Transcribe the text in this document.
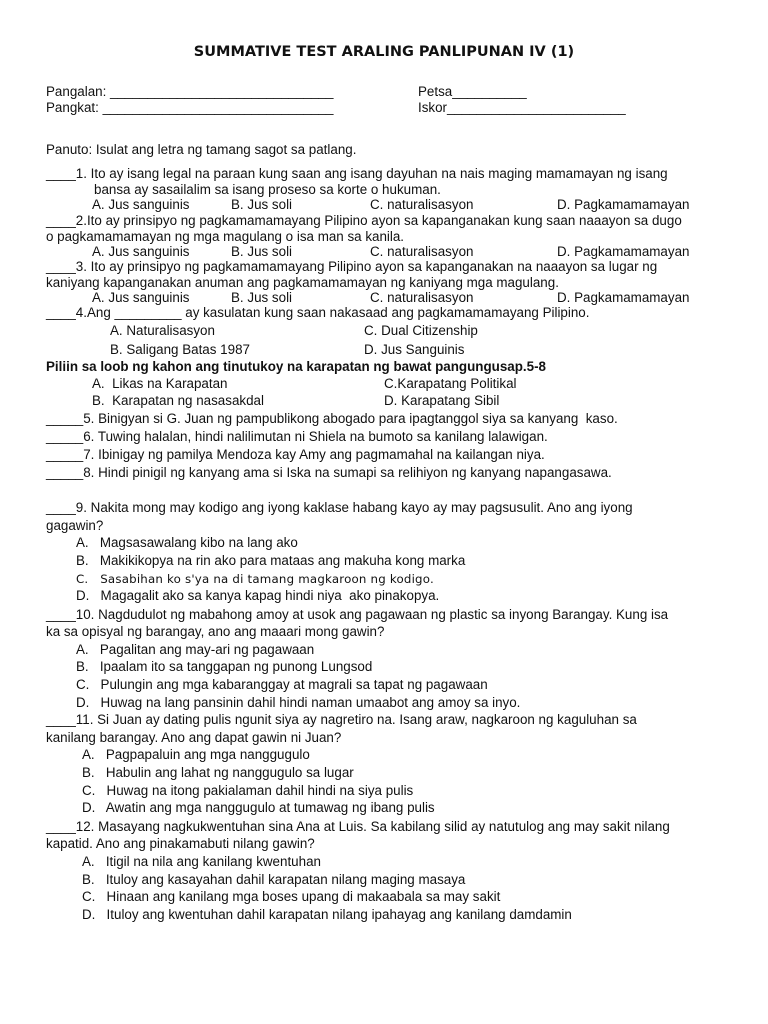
SUMMATIVE TEST ARALING PANLIPUNAN IV (1)
Pangalan: ______________________________	Petsa__________
Pangkat: _______________________________	Iskor________________________
Panuto: Isulat ang letra ng tamang sagot sa patlang.
____1. Ito ay isang legal na paraan kung saan ang isang dayuhan na nais maging mamamayan ng isang
bansa ay sasailalim sa isang proseso sa korte o hukuman.
A. Jus sanguinis	B. Jus soli	C. naturalisasyon	D. Pagkamamamayan
____2.Ito ay prinsipyo ng pagkamamamayang Pilipino ayon sa kapanganakan kung saan naaayon sa dugo
o pagkamamamayan ng mga magulang o isa man sa kanila.
A. Jus sanguinis	B. Jus soli	C. naturalisasyon	D. Pagkamamamayan
____3. Ito ay prinsipyo ng pagkamamamayang Pilipino ayon sa kapanganakan na naaayon sa lugar ng
kaniyang kapanganakan anuman ang pagkamamamayan ng kaniyang mga magulang.
A. Jus sanguinis	B. Jus soli	C. naturalisasyon	D. Pagkamamamayan
____4.Ang _________ ay kasulatan kung saan nakasaad ang pagkamamamayang Pilipino.
A. Naturalisasyon	C. Dual Citizenship
B. Saligang Batas 1987	D. Jus Sanguinis
Piliin sa loob ng kahon ang tinutukoy na karapatan ng bawat pangungusap.5-8
A.  Likas na Karapatan	C.Karapatang Politikal
B.  Karapatan ng nasasakdal	D. Karapatang Sibil
_____5. Binigyan si G. Juan ng pampublikong abogado para ipagtanggol siya sa kanyang  kaso.
_____6. Tuwing halalan, hindi nalilimutan ni Shiela na bumoto sa kanilang lalawigan.
_____7. Ibinigay ng pamilya Mendoza kay Amy ang pagmamahal na kailangan niya.
_____8. Hindi pinigil ng kanyang ama si Iska na sumapi sa relihiyon ng kanyang napangasawa.
____9. Nakita mong may kodigo ang iyong kaklase habang kayo ay may pagsusulit. Ano ang iyong
gagawin?
A.   Magsasawalang kibo na lang ako
B.   Makikikopya na rin ako para mataas ang makuha kong marka
C.   Sasabihan ko s'ya na di tamang magkaroon ng kodigo.
D.   Magagalit ako sa kanya kapag hindi niya  ako pinakopya.
____10. Nagdudulot ng mabahong amoy at usok ang pagawaan ng plastic sa inyong Barangay. Kung isa
ka sa opisyal ng barangay, ano ang maaari mong gawin?
A.   Pagalitan ang may-ari ng pagawaan
B.   Ipaalam ito sa tanggapan ng punong Lungsod
C.   Pulungin ang mga kabaranggay at magrali sa tapat ng pagawaan
D.   Huwag na lang pansinin dahil hindi naman umaabot ang amoy sa inyo.
____11. Si Juan ay dating pulis ngunit siya ay nagretiro na. Isang araw, nagkaroon ng kaguluhan sa
kanilang barangay. Ano ang dapat gawin ni Juan?
A.   Pagpapaluin ang mga nanggugulo
B.   Habulin ang lahat ng nanggugulo sa lugar
C.   Huwag na itong pakialaman dahil hindi na siya pulis
D.   Awatin ang mga nanggugulo at tumawag ng ibang pulis
____12. Masayang nagkukwentuhan sina Ana at Luis. Sa kabilang silid ay natutulog ang may sakit nilang
kapatid. Ano ang pinakamabuti nilang gawin?
A.   Itigil na nila ang kanilang kwentuhan
B.   Ituloy ang kasayahan dahil karapatan nilang maging masaya
C.   Hinaan ang kanilang mga boses upang di makaabala sa may sakit
D.   Ituloy ang kwentuhan dahil karapatan nilang ipahayag ang kanilang damdamin
